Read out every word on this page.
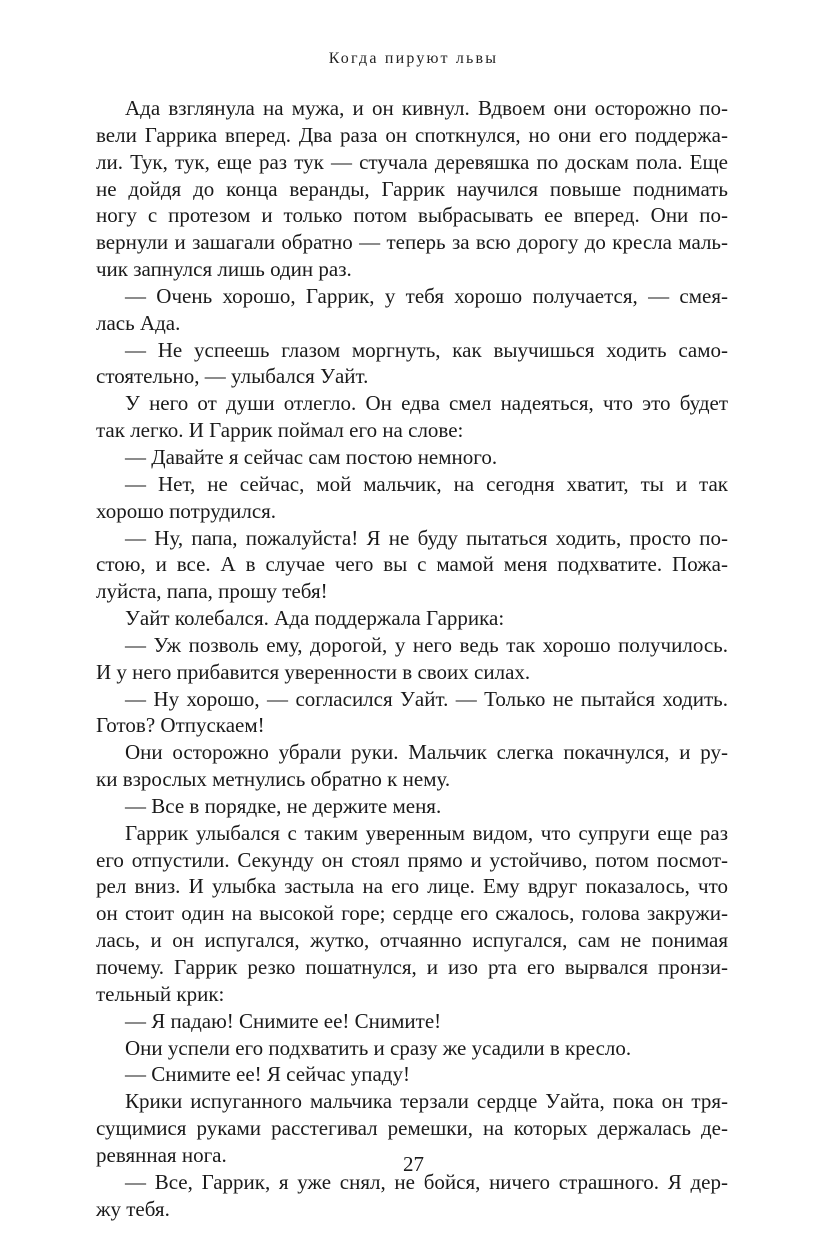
Когда пируют львы
Ада взглянула на мужа, и он кивнул. Вдвоем они осторожно по-
вели Гаррика вперед. Два раза он споткнулся, но они его поддержа-
ли. Тук, тук, еще раз тук — стучала деревяшка по доскам пола. Еще
не дойдя до конца веранды, Гаррик научился повыше поднимать
ногу с протезом и только потом выбрасывать ее вперед. Они по-
вернули и зашагали обратно — теперь за всю дорогу до кресла маль-
чик запнулся лишь один раз.
— Очень хорошо, Гаррик, у тебя хорошо получается, — смея-
лась Ада.
— Не успеешь глазом моргнуть, как выучишься ходить само-
стоятельно, — улыбался Уайт.
У него от души отлегло. Он едва смел надеяться, что это будет
так легко. И Гаррик поймал его на слове:
— Давайте я сейчас сам постою немного.
— Нет, не сейчас, мой мальчик, на сегодня хватит, ты и так
хорошо потрудился.
— Ну, папа, пожалуйста! Я не буду пытаться ходить, просто по-
стою, и все. А в случае чего вы с мамой меня подхватите. Пожа-
луйста, папа, прошу тебя!
Уайт колебался. Ада поддержала Гаррика:
— Уж позволь ему, дорогой, у него ведь так хорошо получилось.
И у него прибавится уверенности в своих силах.
— Ну хорошо, — согласился Уайт. — Только не пытайся ходить.
Готов? Отпускаем!
Они осторожно убрали руки. Мальчик слегка покачнулся, и ру-
ки взрослых метнулись обратно к нему.
— Все в порядке, не держите меня.
Гаррик улыбался с таким уверенным видом, что супруги еще раз
его отпустили. Секунду он стоял прямо и устойчиво, потом посмот-
рел вниз. И улыбка застыла на его лице. Ему вдруг показалось, что
он стоит один на высокой горе; сердце его сжалось, голова закружи-
лась, и он испугался, жутко, отчаянно испугался, сам не понимая
почему. Гаррик резко пошатнулся, и изо рта его вырвался пронзи-
тельный крик:
— Я падаю! Снимите ее! Снимите!
Они успели его подхватить и сразу же усадили в кресло.
— Снимите ее! Я сейчас упаду!
Крики испуганного мальчика терзали сердце Уайта, пока он тря-
сущимися руками расстегивал ремешки, на которых держалась де-
ревянная нога.
— Все, Гаррик, я уже снял, не бойся, ничего страшного. Я дер-
жу тебя.
27
